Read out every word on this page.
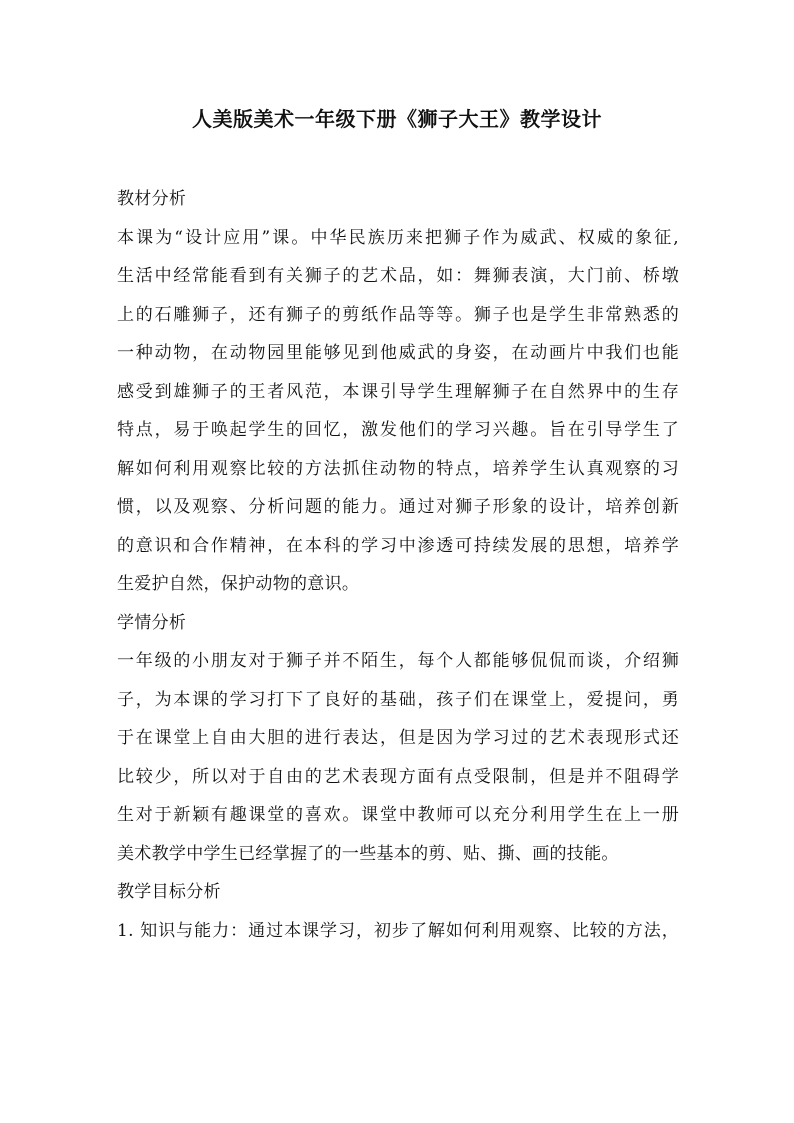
人美版美术一年级下册《狮子大王》教学设计
教材分析
本课为“设计应用”课。中华民族历来把狮子作为威武、权威的象征,
生活中经常能看到有关狮子的艺术品，如：舞狮表演，大门前、桥墩
上的石雕狮子，还有狮子的剪纸作品等等。狮子也是学生非常熟悉的
一种动物，在动物园里能够见到他威武的身姿，在动画片中我们也能
感受到雄狮子的王者风范，本课引导学生理解狮子在自然界中的生存
特点，易于唤起学生的回忆，激发他们的学习兴趣。旨在引导学生了
解如何利用观察比较的方法抓住动物的特点，培养学生认真观察的习
惯，以及观察、分析问题的能力。通过对狮子形象的设计，培养创新
的意识和合作精神，在本科的学习中渗透可持续发展的思想，培养学
生爱护自然，保护动物的意识。
学情分析
一年级的小朋友对于狮子并不陌生，每个人都能够侃侃而谈，介绍狮
子，为本课的学习打下了良好的基础，孩子们在课堂上，爱提问，勇
于在课堂上自由大胆的进行表达，但是因为学习过的艺术表现形式还
比较少，所以对于自由的艺术表现方面有点受限制，但是并不阻碍学
生对于新颖有趣课堂的喜欢。课堂中教师可以充分利用学生在上一册
美术教学中学生已经掌握了的一些基本的剪、贴、撕、画的技能。
教学目标分析
1. 知识与能力：通过本课学习，初步了解如何利用观察、比较的方法，
